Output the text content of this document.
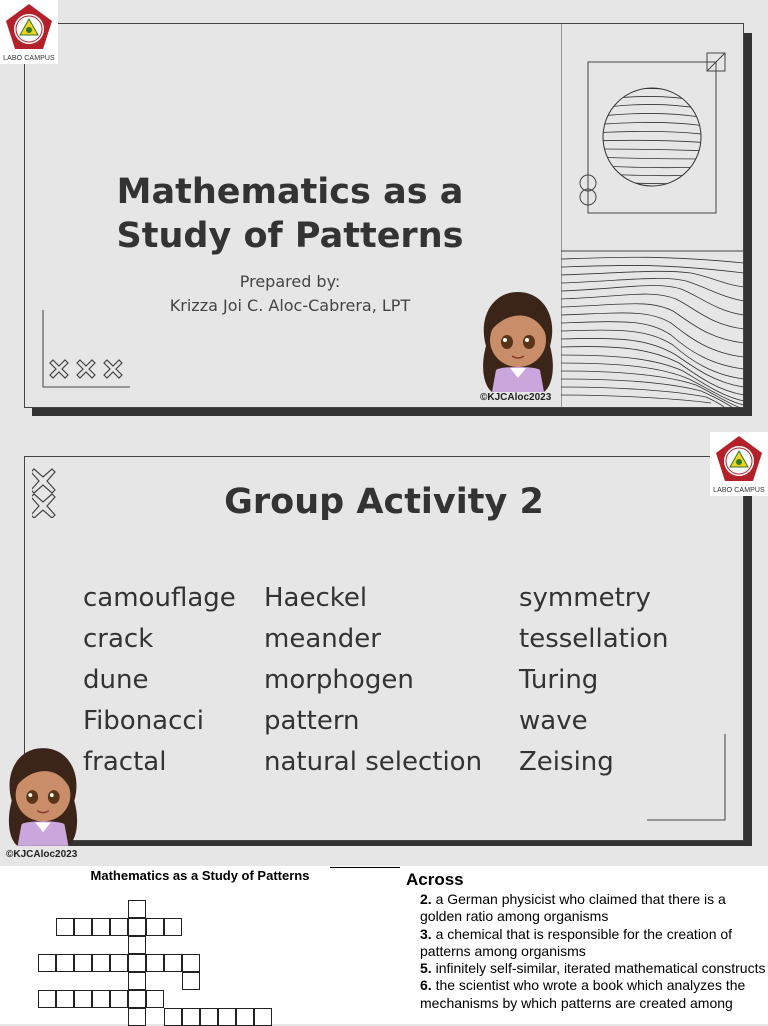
LABO CAMPUS
Mathematics as a
Study of Patterns
Prepared by:
Krizza Joi C. Aloc-Cabrera, LPT
©KJCAloc2023
LABO CAMPUS
Group Activity 2
camouflage
crack
dune
Fibonacci
fractal
Haeckel
meander
morphogen
pattern
natural selection
symmetry
tessellation
Turing
wave
Zeising
©KJCAloc2023
Mathematics as a Study of Patterns	Across

2. a German physicist who claimed that there is a golden ratio among organisms

3. a chemical that is responsible for the creation of patterns among organisms

5. infinitely self-similar, iterated mathematical constructs

6. the scientist who wrote a book which analyzes the mechanisms by which patterns are created among
